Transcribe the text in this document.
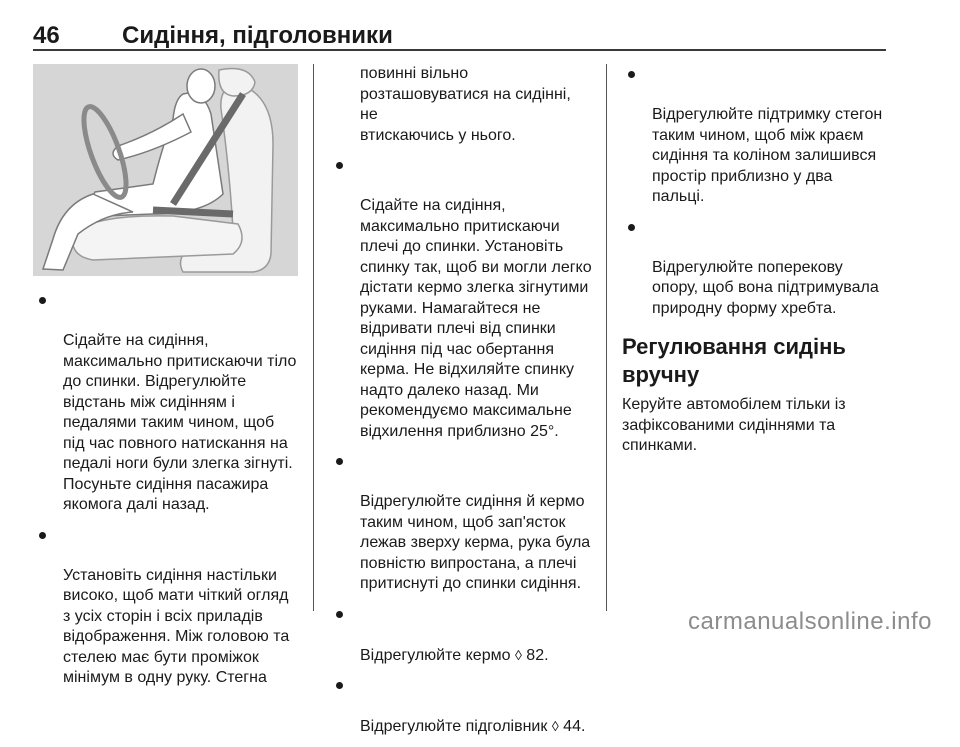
46	Сидіння, підголовники

Сідайте на сидіння,
максимально притискаючи тіло
до спинки. Відрегулюйте
відстань між сидінням і
педалями таким чином, щоб
під час повного натискання на
педалі ноги були злегка зігнуті.
Посуньте сидіння пасажира
якомога далі назад.

Установіть сидіння настільки
високо, щоб мати чіткий огляд
з усіх сторін і всіх приладів
відображення. Між головою та
стелею має бути проміжок
мінімум в одну руку. Стегна

повинні вільно
розташовуватися на сидінні, не
втискаючись у нього.

Сідайте на сидіння,
максимально притискаючи
плечі до спинки. Установіть
спинку так, щоб ви могли легко
дістати кермо злегка зігнутими
руками. Намагайтеся не
відривати плечі від спинки
сидіння під час обертання
керма. Не відхиляйте спинку
надто далеко назад. Ми
рекомендуємо максимальне
відхилення приблизно 25°.

Відрегулюйте сидіння й кермо
таким чином, щоб зап'ясток
лежав зверху керма, рука була
повністю випростана, а плечі
притиснуті до спинки сидіння.

Відрегулюйте кермо ◊ 82.

Відрегулюйте підголівник ◊ 44.

Відрегулюйте підтримку стегон
таким чином, щоб між краєм
сидіння та коліном залишився
простір приблизно у два
пальці.

Відрегулюйте поперекову
опору, щоб вона підтримувала
природну форму хребта.

Регулювання сидінь
вручну
Керуйте автомобілем тільки із
зафіксованими сидіннями та
спинками.
carmanualsonline.info
